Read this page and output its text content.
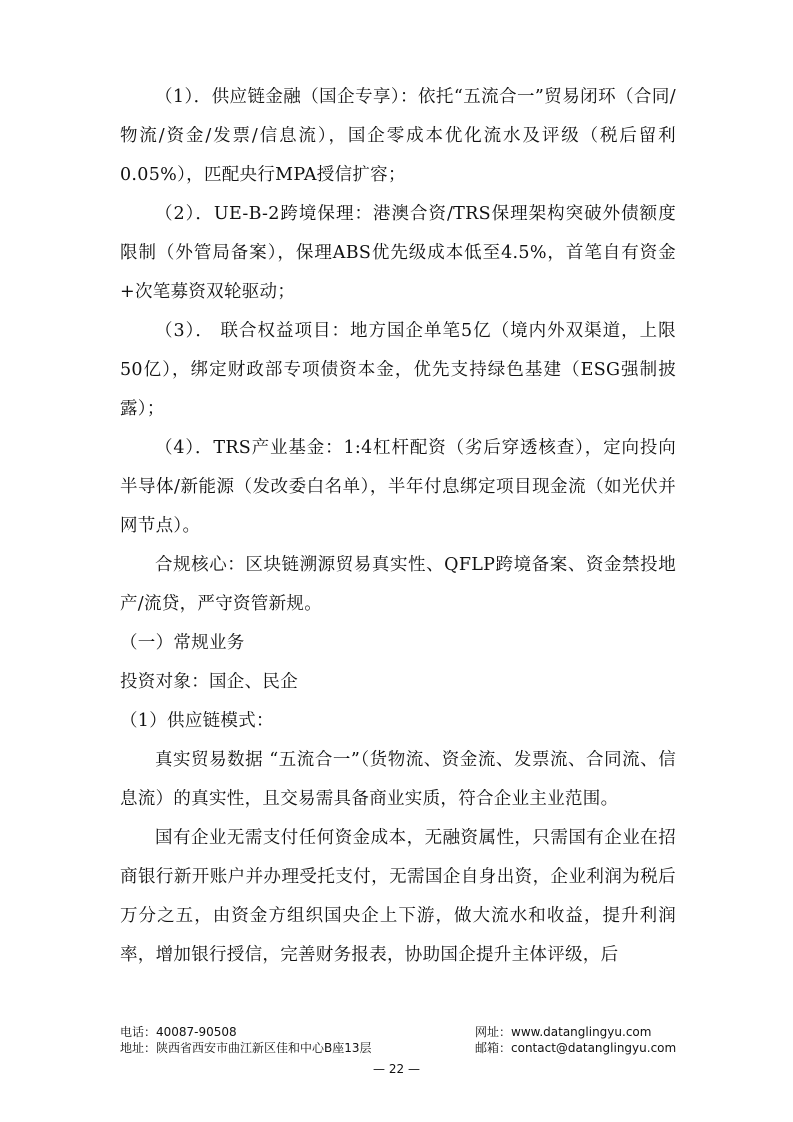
（1）．供应链金融（国企专享）：依托“五流合一”贸易闭环（合同/物流/资金/发票/信息流），国企零成本优化流水及评级（税后留利0.05%），匹配央行MPA授信扩容；

（2）．UE-B-2跨境保理：港澳合资/TRS保理架构突破外债额度限制（外管局备案），保理ABS优先级成本低至4.5%，首笔自有资金+次笔募资双轮驱动；

（3）． 联合权益项目：地方国企单笔5亿（境内外双渠道，上限50亿），绑定财政部专项债资本金，优先支持绿色基建（ESG强制披露）；

（4）．TRS产业基金：1:4杠杆配资（劣后穿透核查），定向投向半导体/新能源（发改委白名单），半年付息绑定项目现金流（如光伏并网节点）。

合规核心：区块链溯源贸易真实性、QFLP跨境备案、资金禁投地产/流贷，严守资管新规。

（一）常规业务

投资对象：国企、民企

（1）供应链模式：

真实贸易数据 “五流合一”（货物流、资金流、发票流、合同流、信息流）的真实性，且交易需具备商业实质，符合企业主业范围。

国有企业无需支付任何资金成本，无融资属性，只需国有企业在招商银行新开账户并办理受托支付，无需国企自身出资，企业利润为税后万分之五，由资金方组织国央企上下游，做大流水和收益，提升利润率，增加银行授信，完善财务报表，协助国企提升主体评级，后

电话：40087-90508	网址：www.datanglingyu.com
地址：陕西省西安市曲江新区佳和中心B座13层	邮箱：contact@datanglingyu.com
— 22 —
